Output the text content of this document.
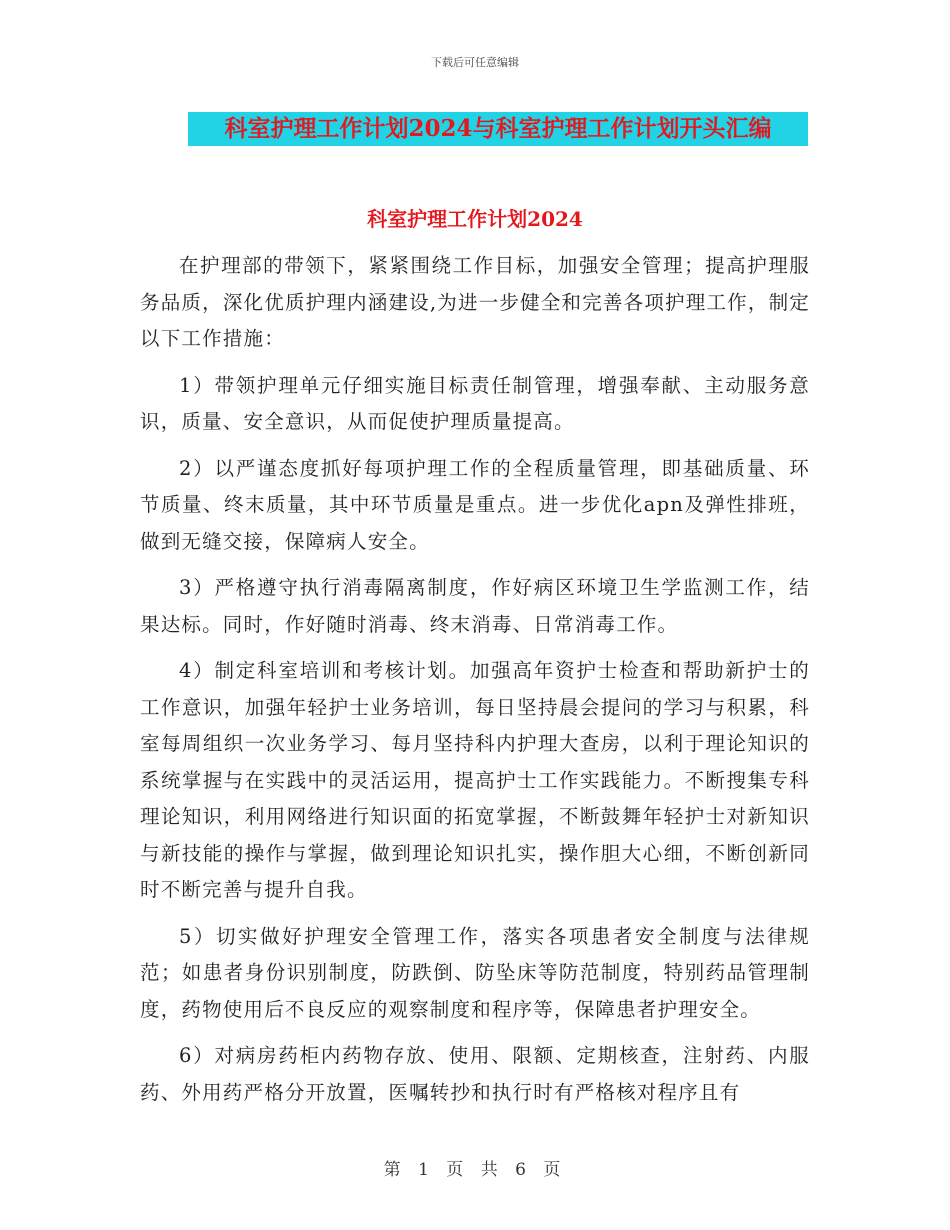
下载后可任意编辑
科室护理工作计划2024与科室护理工作计划开头汇编
科室护理工作计划2024

在护理部的带领下，紧紧围绕工作目标，加强安全管理；提高护理服务品质，深化优质护理内涵建设,为进一步健全和完善各项护理工作，制定以下工作措施：

1）带领护理单元仔细实施目标责任制管理，增强奉献、主动服务意识，质量、安全意识，从而促使护理质量提高。

2）以严谨态度抓好每项护理工作的全程质量管理，即基础质量、环节质量、终末质量，其中环节质量是重点。进一步优化apn及弹性排班，做到无缝交接，保障病人安全。

3）严格遵守执行消毒隔离制度，作好病区环境卫生学监测工作，结果达标。同时，作好随时消毒、终末消毒、日常消毒工作。

4）制定科室培训和考核计划。加强高年资护士检查和帮助新护士的工作意识，加强年轻护士业务培训，每日坚持晨会提问的学习与积累，科室每周组织一次业务学习、每月坚持科内护理大查房，以利于理论知识的系统掌握与在实践中的灵活运用，提高护士工作实践能力。不断搜集专科理论知识，利用网络进行知识面的拓宽掌握，不断鼓舞年轻护士对新知识与新技能的操作与掌握，做到理论知识扎实，操作胆大心细，不断创新同时不断完善与提升自我。

5）切实做好护理安全管理工作，落实各项患者安全制度与法律规范；如患者身份识别制度，防跌倒、防坠床等防范制度，特别药品管理制度，药物使用后不良反应的观察制度和程序等，保障患者护理安全。

6）对病房药柜内药物存放、使用、限额、定期核查，注射药、内服药、外用药严格分开放置，医嘱转抄和执行时有严格核对程序且有

第 1 页 共 6 页
